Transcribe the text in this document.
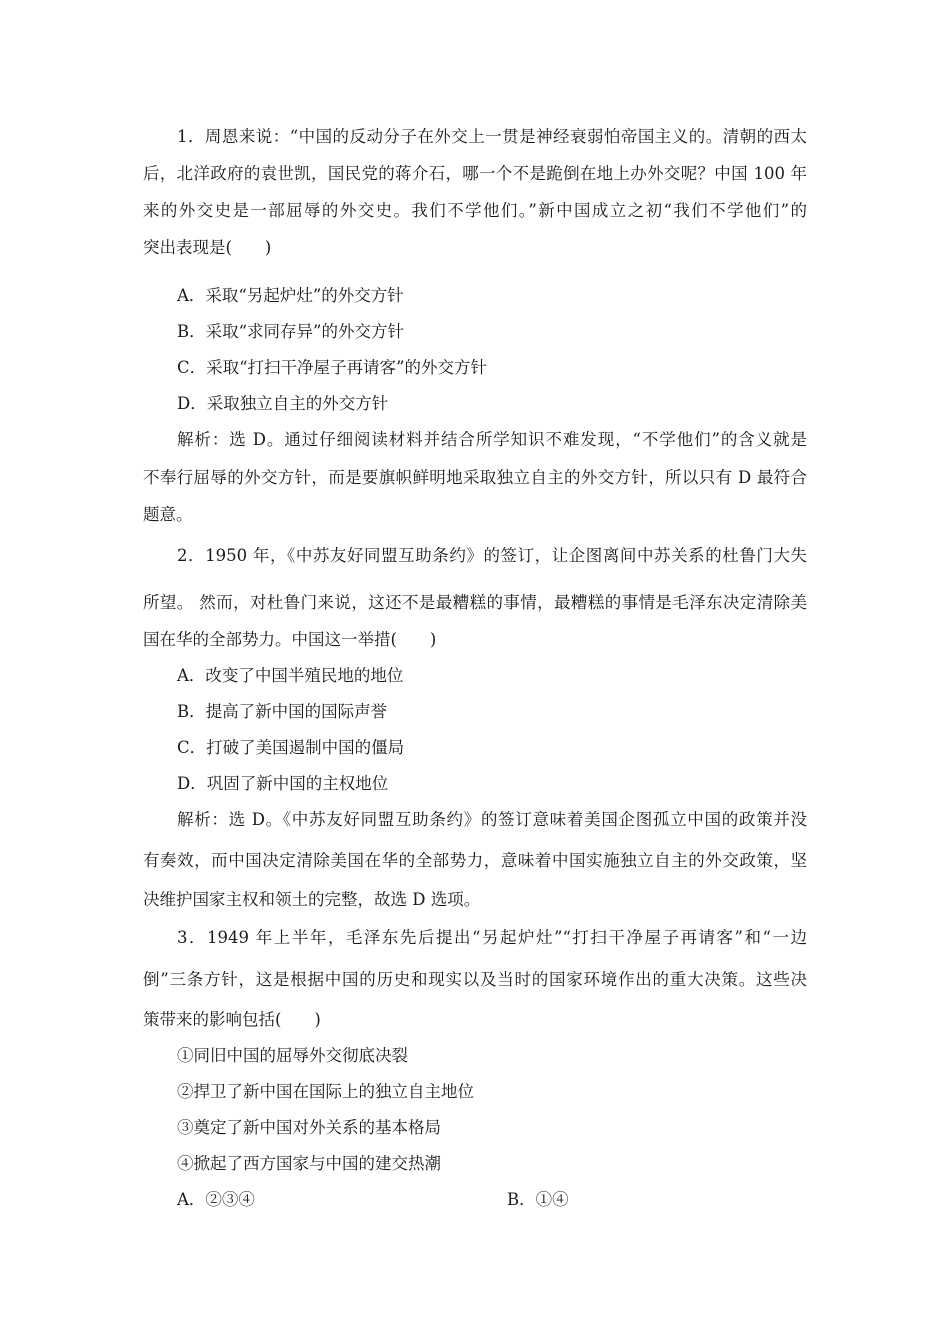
1．周恩来说：“中国的反动分子在外交上一贯是神经衰弱怕帝国主义的。清朝的西太
后，北洋政府的袁世凯，国民党的蒋介石，哪一个不是跪倒在地上办外交呢？中国 100 年
来的外交史是一部屈辱的外交史。我们不学他们。”新中国成立之初“我们不学他们”的
突出表现是(　　)
A．采取“另起炉灶”的外交方针
B．采取“求同存异”的外交方针
C．采取“打扫干净屋子再请客”的外交方针
D．采取独立自主的外交方针
解析：选 D。通过仔细阅读材料并结合所学知识不难发现，“不学他们”的含义就是
不奉行屈辱的外交方针，而是要旗帜鲜明地采取独立自主的外交方针，所以只有 D 最符合
题意。
2．1950 年，《中苏友好同盟互助条约》的签订，让企图离间中苏关系的杜鲁门大失
所望。 然而，对杜鲁门来说，这还不是最糟糕的事情，最糟糕的事情是毛泽东决定清除美
国在华的全部势力。中国这一举措(　　)
A．改变了中国半殖民地的地位
B．提高了新中国的国际声誉
C．打破了美国遏制中国的僵局
D．巩固了新中国的主权地位
解析：选 D。《中苏友好同盟互助条约》的签订意味着美国企图孤立中国的政策并没
有奏效，而中国决定清除美国在华的全部势力，意味着中国实施独立自主的外交政策，坚
决维护国家主权和领土的完整，故选 D 选项。
3．1949 年上半年，毛泽东先后提出“另起炉灶”“打扫干净屋子再请客”和“一边
倒”三条方针，这是根据中国的历史和现实以及当时的国家环境作出的重大决策。这些决
策带来的影响包括(　　)
①同旧中国的屈辱外交彻底决裂
②捍卫了新中国在国际上的独立自主地位
③奠定了新中国对外关系的基本格局
④掀起了西方国家与中国的建交热潮
A．②③④	B．①④
